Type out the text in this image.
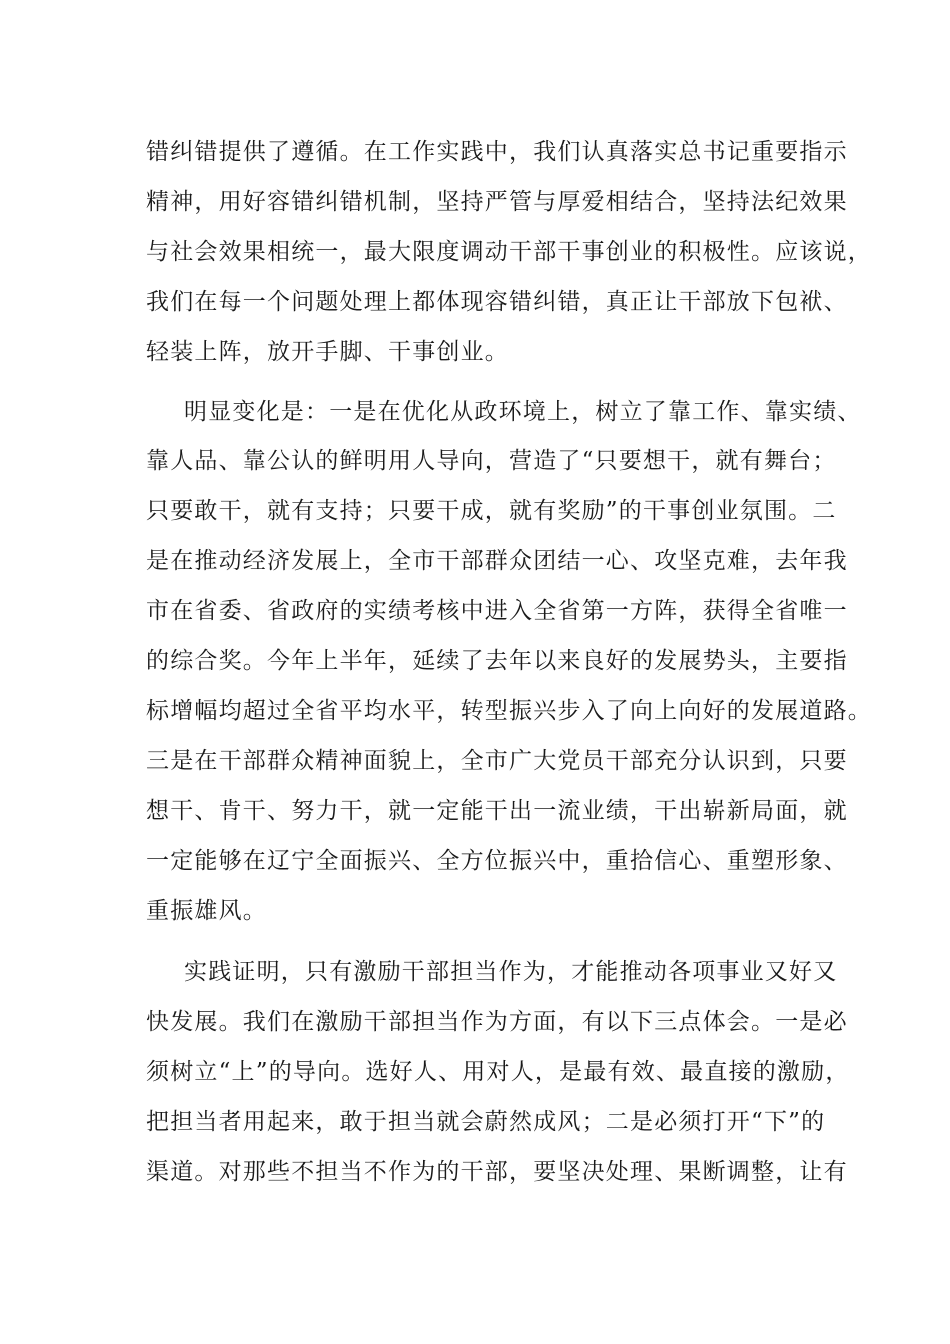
错纠错提供了遵循。在工作实践中，我们认真落实总书记重要指示
精神，用好容错纠错机制，坚持严管与厚爱相结合，坚持法纪效果
与社会效果相统一，最大限度调动干部干事创业的积极性。应该说，
我们在每一个问题处理上都体现容错纠错，真正让干部放下包袱、
轻装上阵，放开手脚、干事创业。
明显变化是：一是在优化从政环境上，树立了靠工作、靠实绩、
靠人品、靠公认的鲜明用人导向，营造了“只要想干，就有舞台；
只要敢干，就有支持；只要干成，就有奖励”的干事创业氛围。二
是在推动经济发展上，全市干部群众团结一心、攻坚克难，去年我
市在省委、省政府的实绩考核中进入全省第一方阵，获得全省唯一
的综合奖。今年上半年，延续了去年以来良好的发展势头，主要指
标增幅均超过全省平均水平，转型振兴步入了向上向好的发展道路。
三是在干部群众精神面貌上，全市广大党员干部充分认识到，只要
想干、肯干、努力干，就一定能干出一流业绩，干出崭新局面，就
一定能够在辽宁全面振兴、全方位振兴中，重拾信心、重塑形象、
重振雄风。
实践证明，只有激励干部担当作为，才能推动各项事业又好又
快发展。我们在激励干部担当作为方面，有以下三点体会。一是必
须树立“上”的导向。选好人、用对人，是最有效、最直接的激励，
把担当者用起来，敢于担当就会蔚然成风；二是必须打开“下”的
渠道。对那些不担当不作为的干部，要坚决处理、果断调整，让有
